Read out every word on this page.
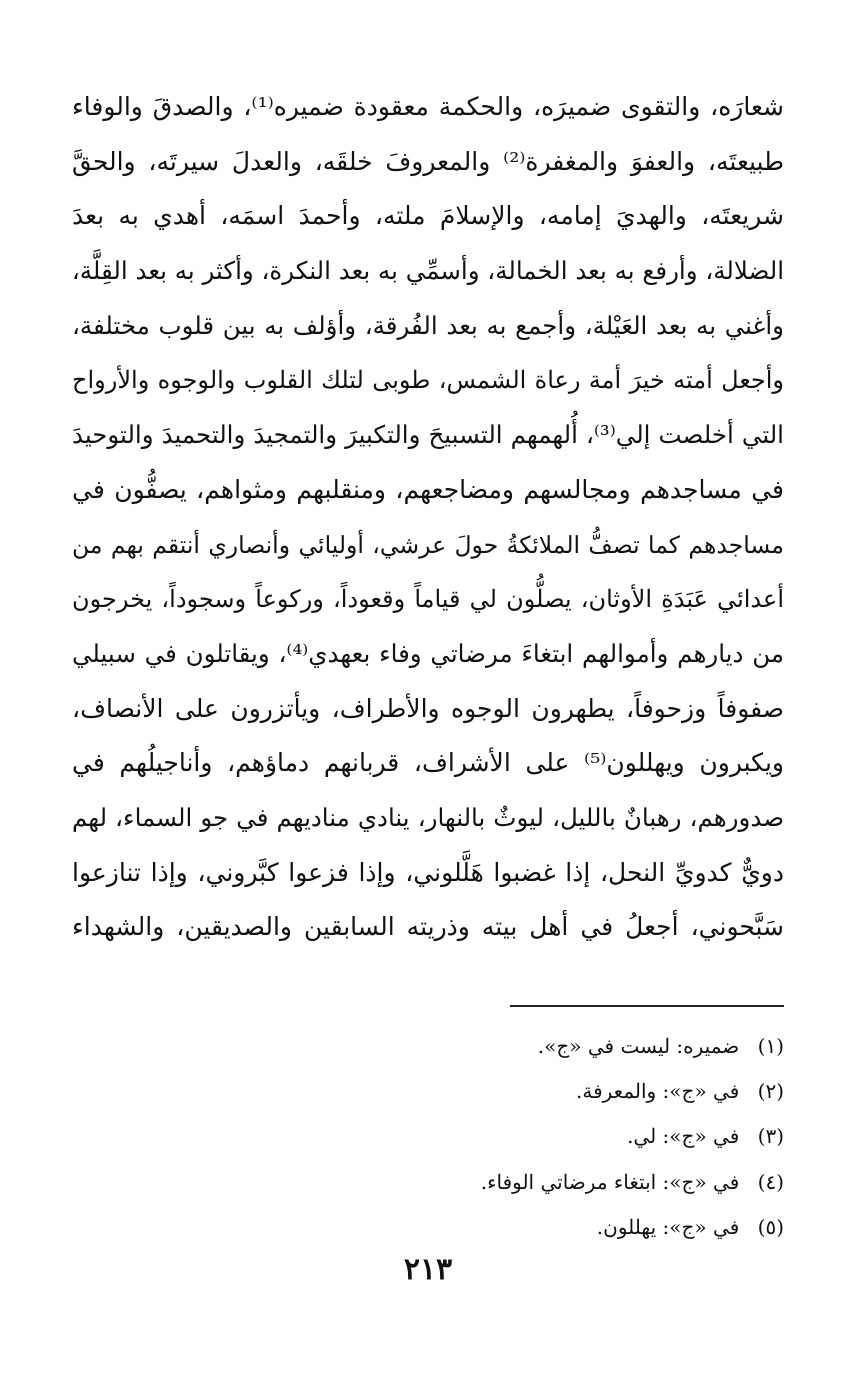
شعارَه، والتقوى ضميرَه، والحكمة معقودة ضميره⁽¹⁾، والصدقَ والوفاء
طبيعتَه، والعفوَ والمغفرة⁽²⁾ والمعروفَ خلقَه، والعدلَ سيرتَه، والحقَّ
شريعتَه، والهديَ إمامه، والإسلامَ ملته، وأحمدَ اسمَه، أهدي به بعدَ
الضلالة، وأرفع به بعد الخمالة، وأسمِّي به بعد النكرة، وأكثر به بعد القِلَّة،
وأغني به بعد العَيْلة، وأجمع به بعد الفُرقة، وأؤلف به بين قلوب مختلفة،
وأجعل أمته خيرَ أمة رعاة الشمس، طوبى لتلك القلوب والوجوه والأرواح
التي أخلصت إلي⁽³⁾، أُلهمهم التسبيحَ والتكبيرَ والتمجيدَ والتحميدَ والتوحيدَ
في مساجدهم ومجالسهم ومضاجعهم، ومنقلبهم ومثواهم، يصفُّون في
مساجدهم كما تصفُّ الملائكةُ حولَ عرشي، أوليائي وأنصاري أنتقم بهم من
أعدائي عَبَدَةِ الأوثان، يصلُّون لي قياماً وقعوداً، وركوعاً وسجوداً، يخرجون
من ديارهم وأموالهم ابتغاءَ مرضاتي وفاء بعهدي⁽⁴⁾، ويقاتلون في سبيلي
صفوفاً وزحوفاً، يطهرون الوجوه والأطراف، ويأتزرون على الأنصاف،
ويكبرون ويهللون⁽⁵⁾ على الأشراف، قربانهم دماؤهم، وأناجيلُهم في
صدورهم، رهبانٌ بالليل، ليوثٌ بالنهار، ينادي مناديهم في جو السماء، لهم
دويٌّ كدويِّ النحل، إذا غضبوا هَلَّلوني، وإذا فزعوا كبَّروني، وإذا تنازعوا
سَبَّحوني، أجعلُ في أهل بيته وذريته السابقين والصديقين، والشهداء
(١) ضميره: ليست في «ج».
(٢) في «ج»: والمعرفة.
(٣) في «ج»: لي.
(٤) في «ج»: ابتغاء مرضاتي الوفاء.
(٥) في «ج»: يهللون.
٢١٣
